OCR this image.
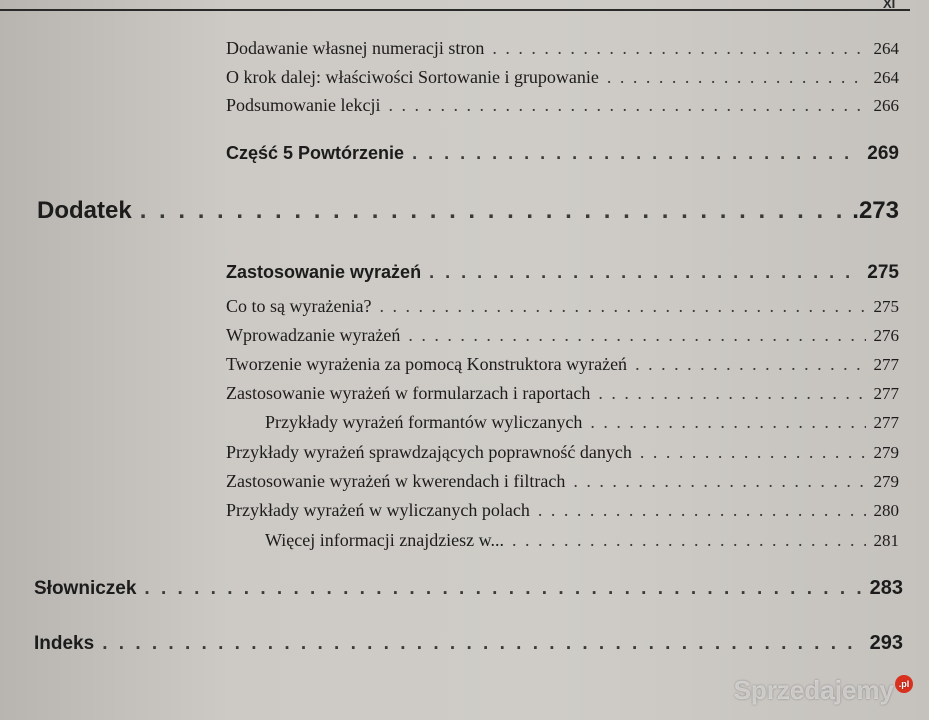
XI
Dodawanie własnej numeracji stron . . .	264
O krok dalej: właściwości Sortowanie i grupowanie . . .	264
Podsumowanie lekcji . . .	266
Część 5 Powtórzenie . . .	269
Dodatek . . .	.273
Zastosowanie wyrażeń . . .	275
Co to są wyrażenia? . . .	275
Wprowadzanie wyrażeń . . .	276
Tworzenie wyrażenia za pomocą Konstruktora wyrażeń . . .	277
Zastosowanie wyrażeń w formularzach i raportach . . .	277
Przykłady wyrażeń formantów wyliczanych . . .	277
Przykłady wyrażeń sprawdzających poprawność danych . . .	279
Zastosowanie wyrażeń w kwerendach i filtrach . . .	279
Przykłady wyrażeń w wyliczanych polach . . .	280
Więcej informacji znajdziesz w... . . .	281
Słowniczek . . .	283
Indeks . . .	293
Sprzedajemy .pl
